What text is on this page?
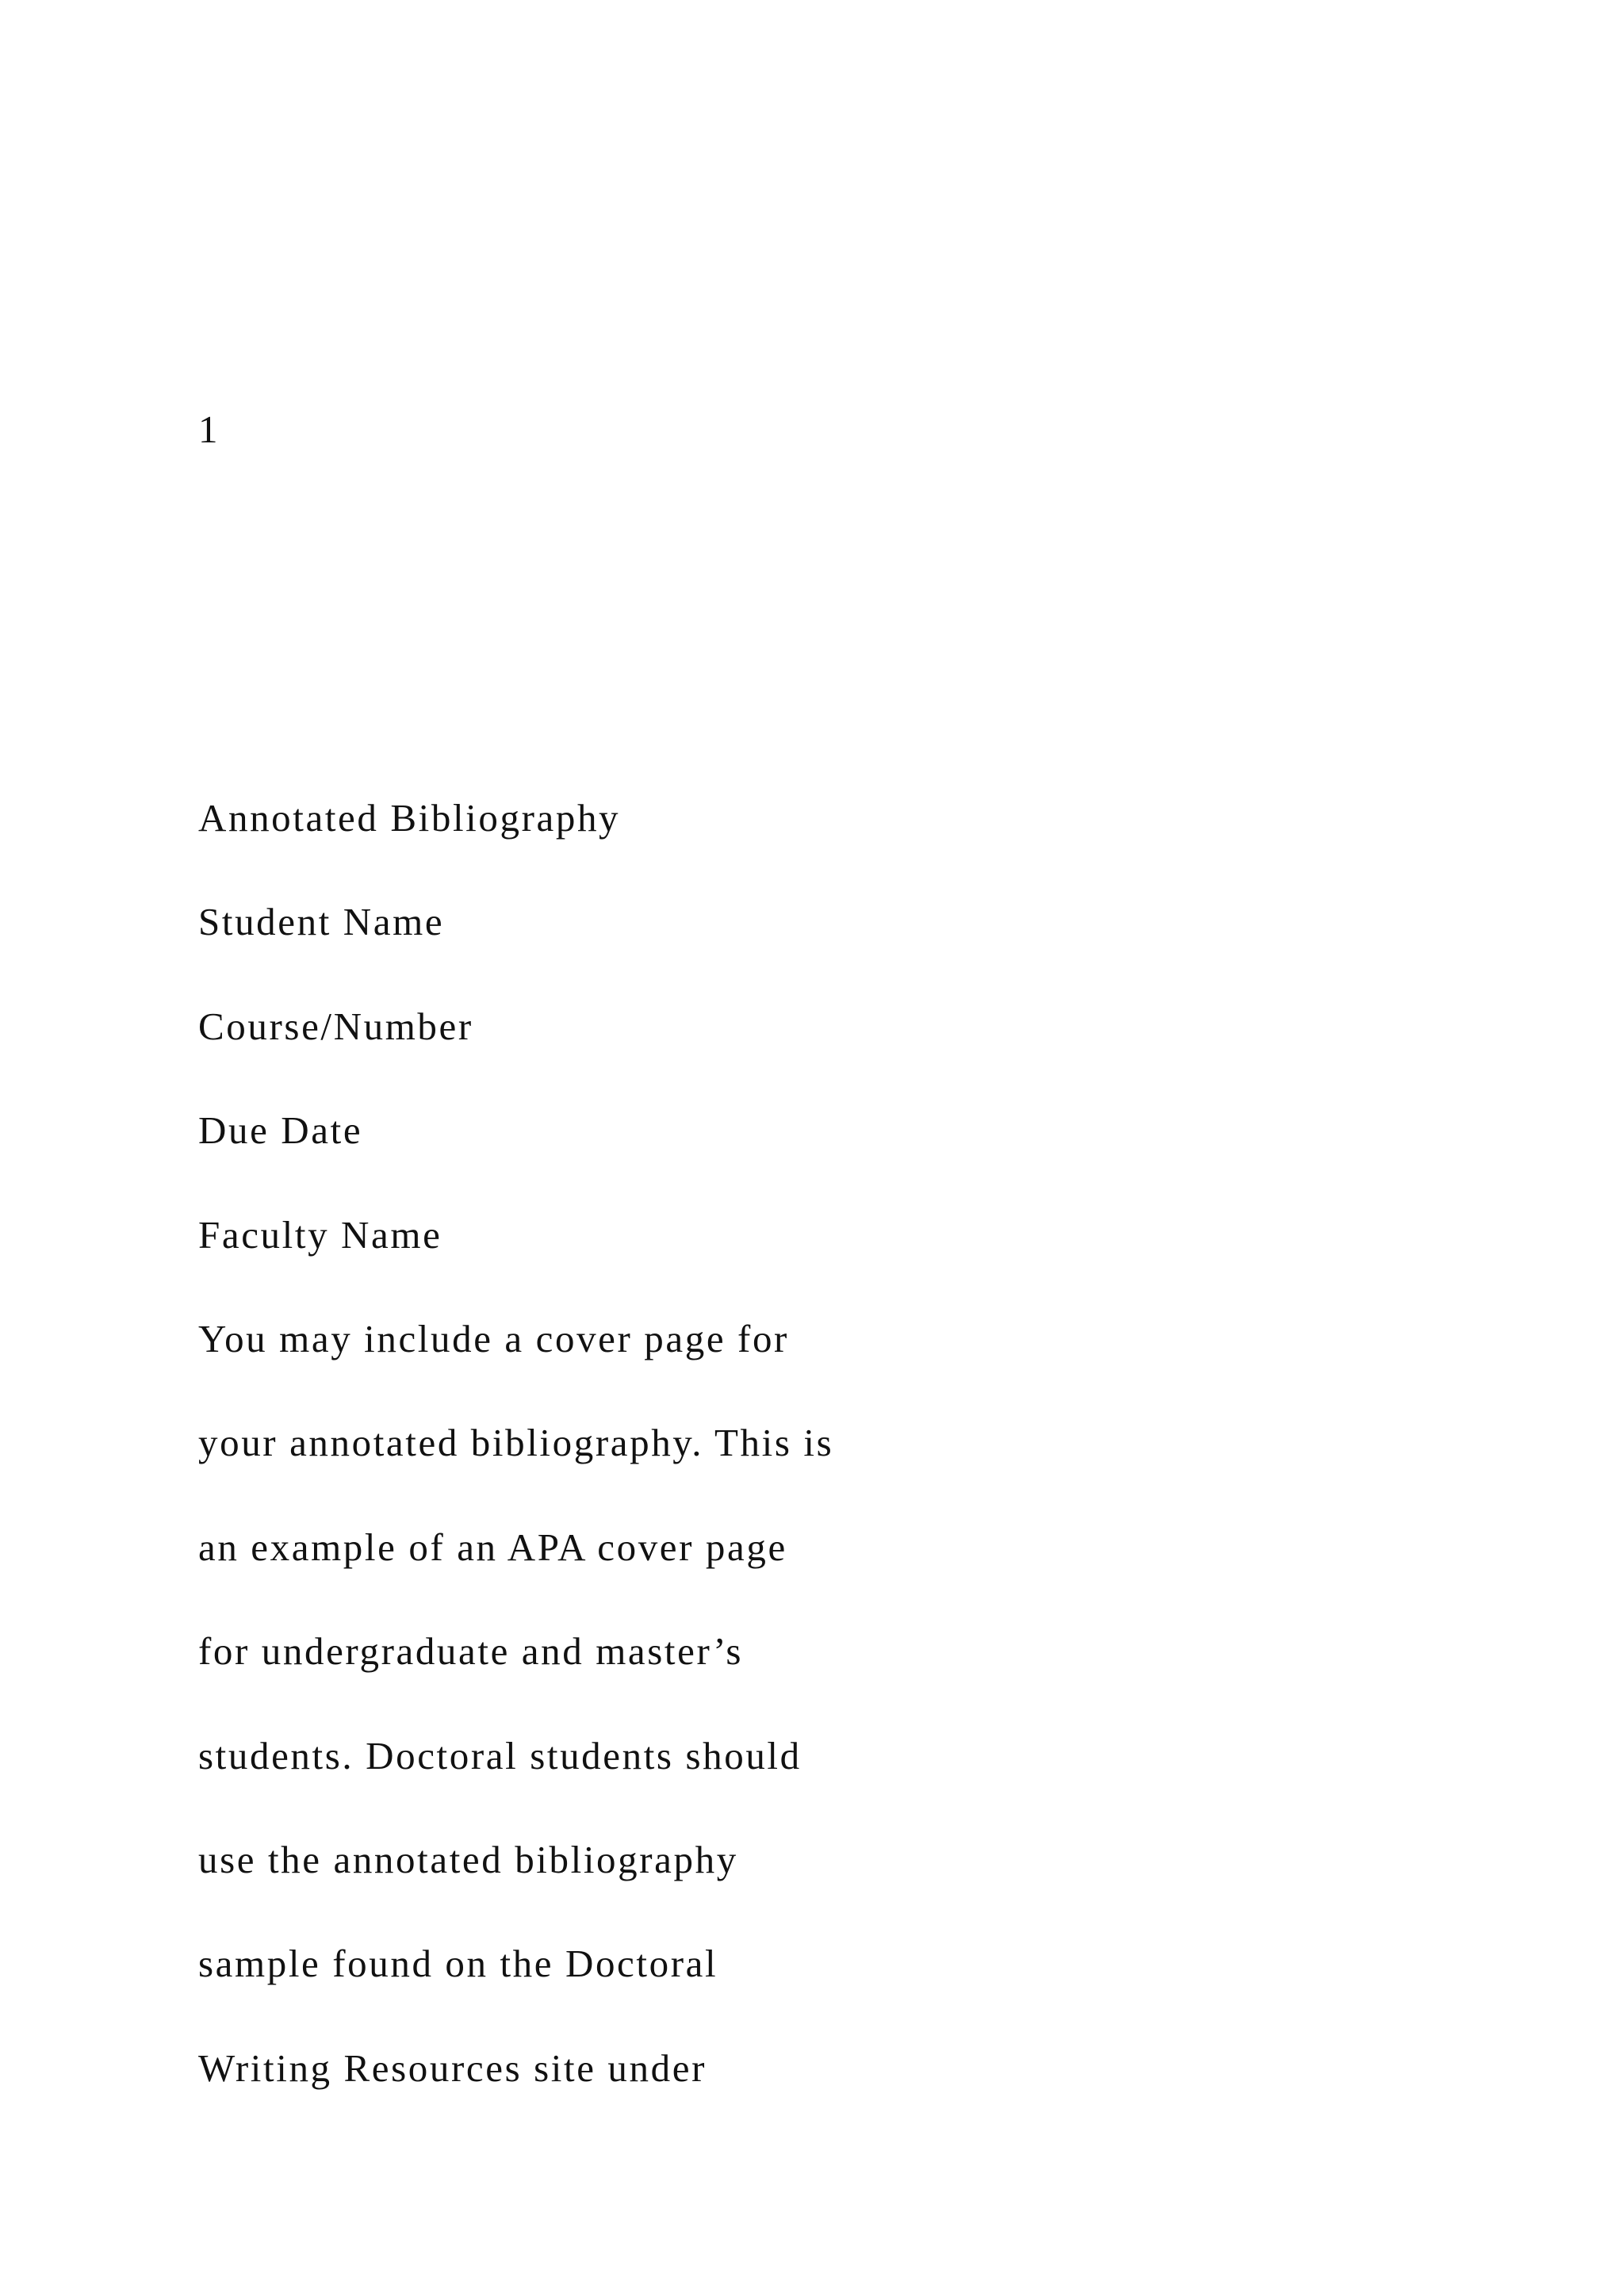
1

Annotated Bibliography
Student Name
Course/Number
Due Date
Faculty Name
You may include a cover page for
your annotated bibliography. This is
an example of an APA cover page
for undergraduate and master’s
students. Doctoral students should
use the annotated bibliography
sample found on the Doctoral
Writing Resources site under
